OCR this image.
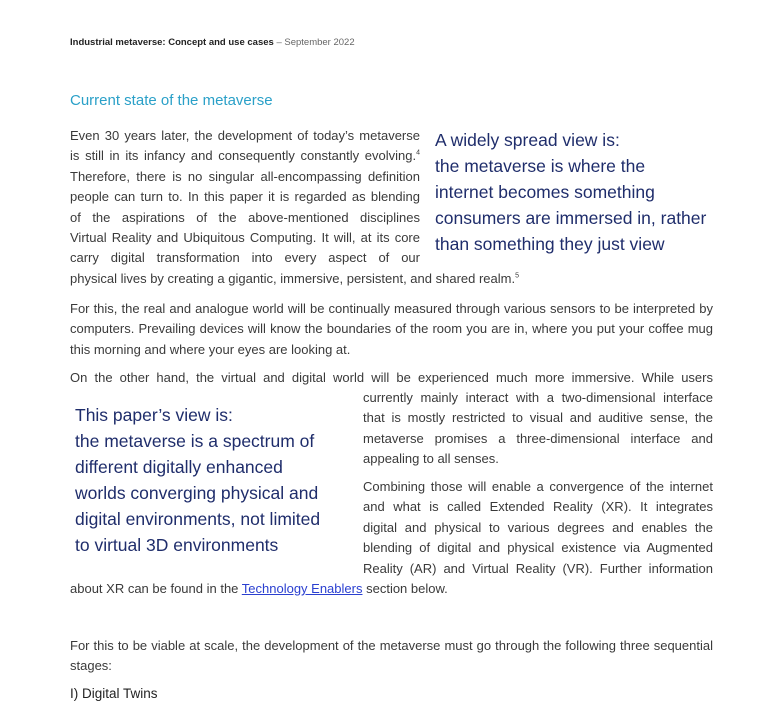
Industrial metaverse: Concept and use cases – September 2022
Current state of the metaverse
Even 30 years later, the development of today’s metaverse
is still in its infancy and consequently constantly evolving.$^4$
Therefore, there is no singular all-encompassing definition
people can turn to. In this paper it is regarded as blending
of the aspirations of the above-mentioned disciplines
Virtual Reality and Ubiquitous Computing. It will, at its core
carry digital transformation into every aspect of our
physical lives by creating a gigantic, immersive, persistent, and shared realm.$^5$
A widely spread view is:
the metaverse is where the
internet becomes something
consumers are immersed in, rather
than something they just view

For this, the real and analogue world will be continually measured through various sensors to be interpreted by computers. Prevailing devices will know the boundaries of the room you are in, where you put your coffee mug this morning and where your eyes are looking at.

On the other hand, the virtual and digital world will be experienced much more immersive. While users
currently mainly interact with a two-dimensional interface
that is mostly restricted to visual and auditive sense, the
metaverse promises a three-dimensional interface and
appealing to all senses.
This paper’s view is:
the metaverse is a spectrum of
different digitally enhanced
worlds converging physical and
digital environments, not limited
to virtual 3D environments
Combining those will enable a convergence of the internet
and what is called Extended Reality (XR). It integrates
digital and physical to various degrees and enables the
blending of digital and physical existence via Augmented
Reality (AR) and Virtual Reality (VR). Further information
about XR can be found in the Technology Enablers section below.

For this to be viable at scale, the development of the metaverse must go through the following three sequential stages:

I) Digital Twins
